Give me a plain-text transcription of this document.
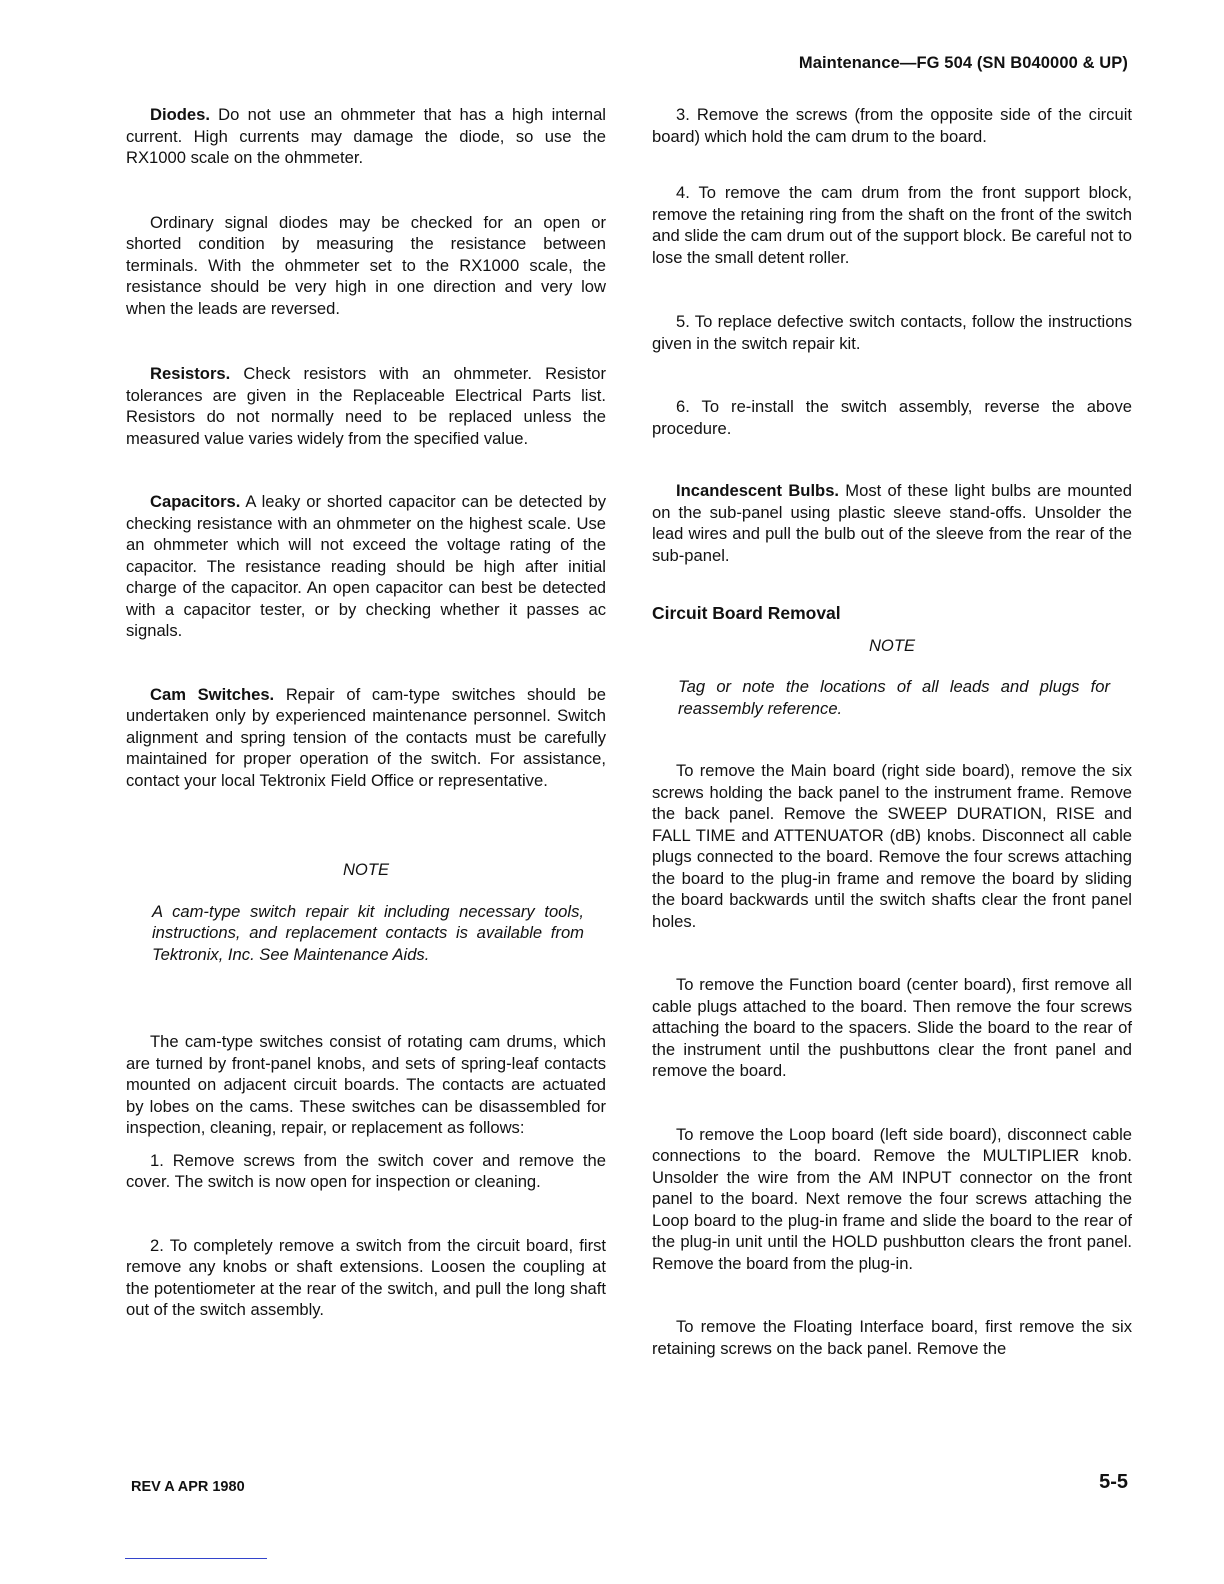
Maintenance—FG 504 (SN B040000 & UP)

Diodes. Do not use an ohmmeter that has a high internal current. High currents may damage the diode, so use the RX1000 scale on the ohmmeter.

Ordinary signal diodes may be checked for an open or shorted condition by measuring the resistance between terminals. With the ohmmeter set to the RX1000 scale, the resistance should be very high in one direction and very low when the leads are reversed.

Resistors. Check resistors with an ohmmeter. Resistor tolerances are given in the Replaceable Electrical Parts list. Resistors do not normally need to be replaced unless the measured value varies widely from the specified value.

Capacitors. A leaky or shorted capacitor can be detected by checking resistance with an ohmmeter on the highest scale. Use an ohmmeter which will not exceed the voltage rating of the capacitor. The resistance reading should be high after initial charge of the capacitor. An open capacitor can best be detected with a capacitor tester, or by checking whether it passes ac signals.

Cam Switches. Repair of cam-type switches should be undertaken only by experienced maintenance personnel. Switch alignment and spring tension of the contacts must be carefully maintained for proper operation of the switch. For assistance, contact your local Tektronix Field Office or representative.

NOTE

A cam-type switch repair kit including necessary tools, instructions, and replacement contacts is available from Tektronix, Inc. See Maintenance Aids.

The cam-type switches consist of rotating cam drums, which are turned by front-panel knobs, and sets of spring-leaf contacts mounted on adjacent circuit boards. The contacts are actuated by lobes on the cams. These switches can be disassembled for inspection, cleaning, repair, or replacement as follows:

1. Remove screws from the switch cover and remove the cover. The switch is now open for inspection or cleaning.

2. To completely remove a switch from the circuit board, first remove any knobs or shaft extensions. Loosen the coupling at the potentiometer at the rear of the switch, and pull the long shaft out of the switch assembly.

3. Remove the screws (from the opposite side of the circuit board) which hold the cam drum to the board.

4. To remove the cam drum from the front support block, remove the retaining ring from the shaft on the front of the switch and slide the cam drum out of the support block. Be careful not to lose the small detent roller.

5. To replace defective switch contacts, follow the instructions given in the switch repair kit.

6. To re-install the switch assembly, reverse the above procedure.

Incandescent Bulbs. Most of these light bulbs are mounted on the sub-panel using plastic sleeve stand-offs. Unsolder the lead wires and pull the bulb out of the sleeve from the rear of the sub-panel.

Circuit Board Removal
NOTE

Tag or note the locations of all leads and plugs for reassembly reference.

To remove the Main board (right side board), remove the six screws holding the back panel to the instrument frame. Remove the back panel. Remove the SWEEP DURATION, RISE and FALL TIME and ATTENUATOR (dB) knobs. Disconnect all cable plugs connected to the board. Remove the four screws attaching the board to the plug-in frame and remove the board by sliding the board backwards until the switch shafts clear the front panel holes.

To remove the Function board (center board), first remove all cable plugs attached to the board. Then remove the four screws attaching the board to the spacers. Slide the board to the rear of the instrument until the pushbuttons clear the front panel and remove the board.

To remove the Loop board (left side board), disconnect cable connections to the board. Remove the MULTIPLIER knob. Unsolder the wire from the AM INPUT connector on the front panel to the board. Next remove the four screws attaching the Loop board to the plug-in frame and slide the board to the rear of the plug-in unit until the HOLD pushbutton clears the front panel. Remove the board from the plug-in.

To remove the Floating Interface board, first remove the six retaining screws on the back panel. Remove the

REV A APR 1980	5-5
